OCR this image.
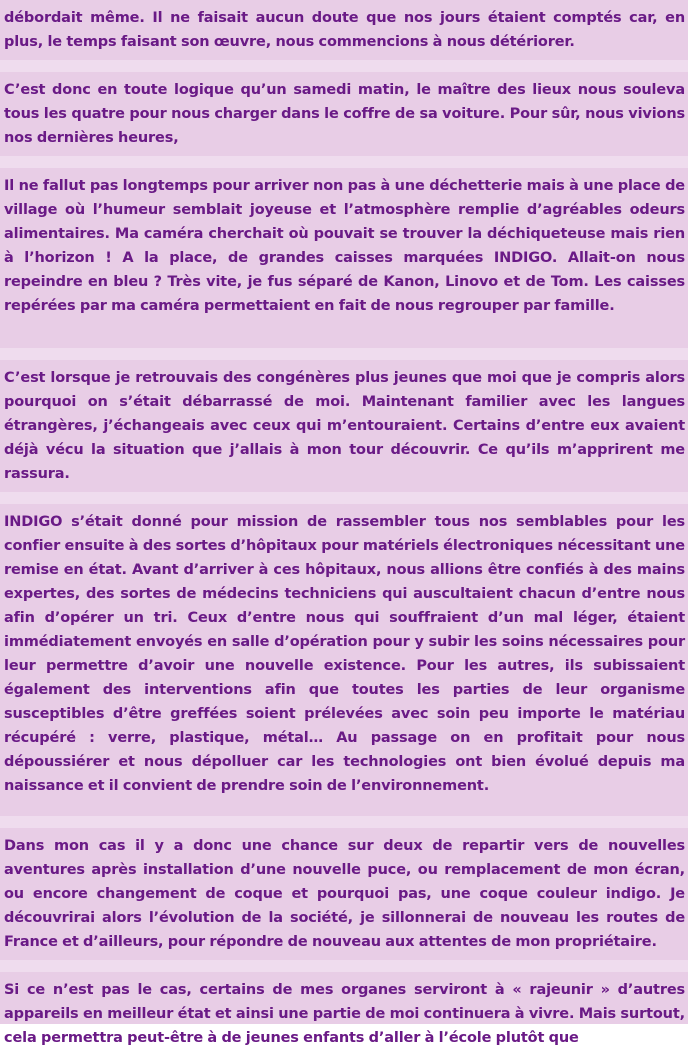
débordait même. Il ne faisait aucun doute que nos jours étaient comptés car, en plus, le temps faisant son œuvre, nous commencions à nous détériorer.
C’est donc en toute logique qu’un samedi matin, le maître des lieux nous souleva tous les quatre pour nous charger dans le coffre de sa voiture. Pour sûr, nous vivions nos dernières heures,
Il ne fallut pas longtemps pour arriver non pas à une déchetterie mais à une place de village où l’humeur semblait joyeuse et l’atmosphère remplie d’agréables odeurs alimentaires. Ma caméra cherchait où pouvait se trouver la déchiqueteuse mais rien à l’horizon ! A la place, de grandes caisses marquées INDIGO. Allait-on nous repeindre en bleu ? Très vite, je fus séparé de Kanon, Linovo et de Tom. Les caisses repérées par ma caméra permettaient en fait de nous regrouper par famille.
C’est lorsque je retrouvais des congénères plus jeunes que moi que je compris alors pourquoi on s’était débarrassé de moi. Maintenant familier avec les langues étrangères, j’échangeais avec ceux qui m’entouraient. Certains d’entre eux avaient déjà vécu la situation que j’allais à mon tour découvrir. Ce qu’ils m’apprirent me rassura.
INDIGO s’était donné pour mission de rassembler tous nos semblables pour les confier ensuite à des sortes d’hôpitaux pour matériels électroniques nécessitant une remise en état. Avant d’arriver à ces hôpitaux, nous allions être confiés à des mains expertes, des sortes de médecins techniciens qui auscultaient chacun d’entre nous afin d’opérer un tri. Ceux d’entre nous qui souffraient d’un mal léger, étaient immédiatement envoyés en salle d’opération pour y subir les soins nécessaires pour leur permettre d’avoir une nouvelle existence. Pour les autres, ils subissaient également des interventions afin que toutes les parties de leur organisme susceptibles d’être greffées soient prélevées avec soin peu importe le matériau récupéré : verre, plastique, métal… Au passage on en profitait pour nous dépoussiérer et nous dépolluer car les technologies ont bien évolué depuis ma naissance et il convient de prendre soin de l’environnement.
Dans mon cas il y a donc une chance sur deux de repartir vers de nouvelles aventures après installation d’une nouvelle puce, ou remplacement de mon écran, ou encore changement de coque et pourquoi pas, une coque couleur indigo. Je découvrirai alors l’évolution de la société, je sillonnerai de nouveau les routes de France et d’ailleurs, pour répondre de nouveau aux attentes de mon propriétaire.
Si ce n’est pas le cas, certains de mes organes serviront à « rajeunir » d’autres appareils en meilleur état et ainsi une partie de moi continuera à vivre. Mais surtout, cela permettra peut-être à de jeunes enfants d’aller à l’école plutôt que
